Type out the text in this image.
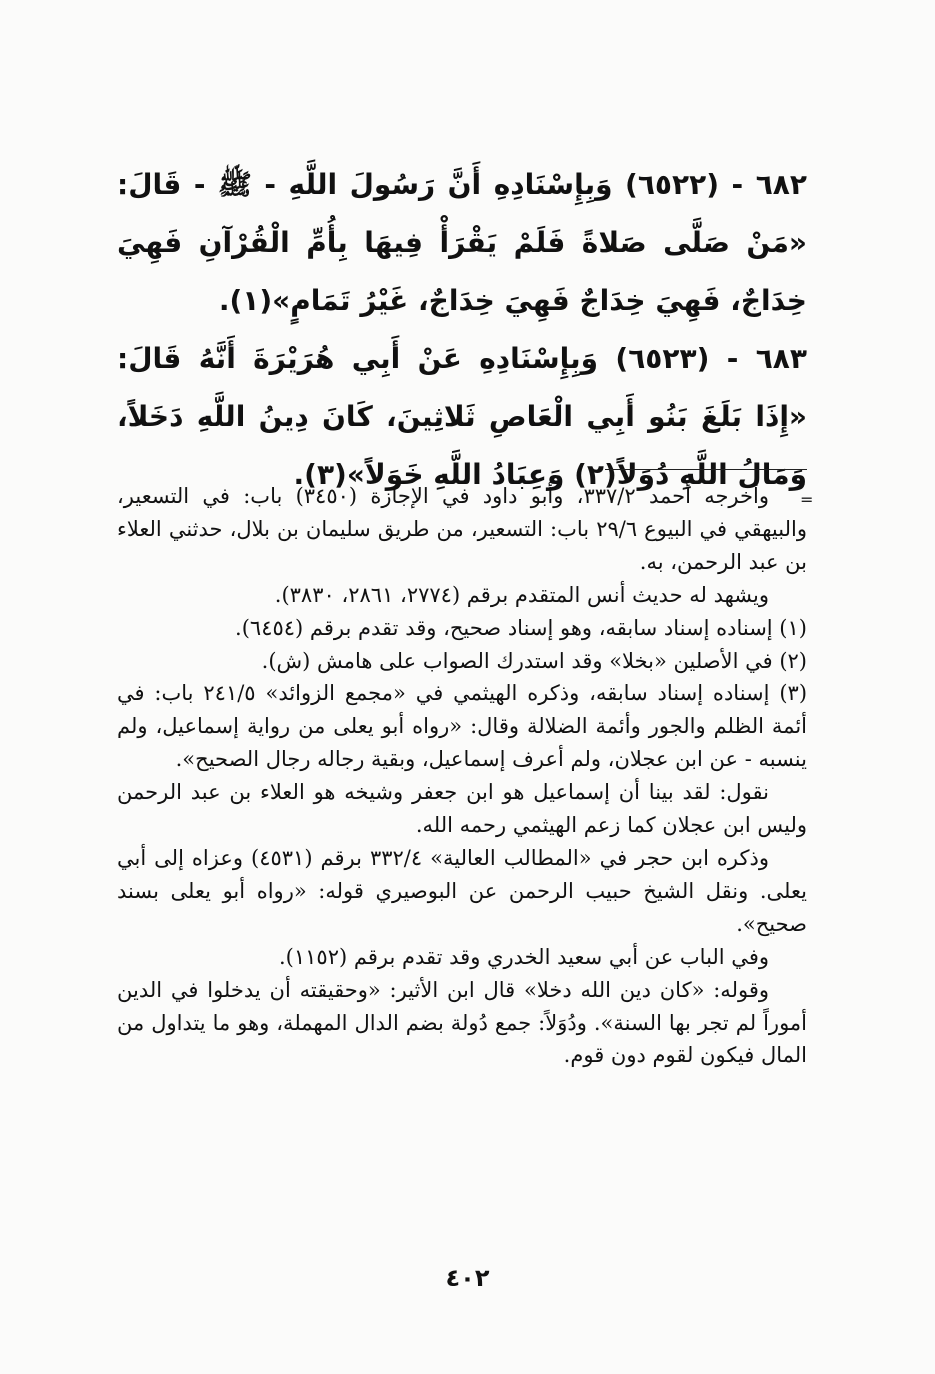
٦٨٢ - (٦٥٢٢) وَبِإِسْنَادِهِ أَنَّ رَسُولَ اللَّهِ - ﷺ - قَالَ: «مَنْ صَلَّى صَلاةً فَلَمْ يَقْرَأْ فِيهَا بِأُمِّ الْقُرْآنِ فَهِيَ خِدَاجٌ، فَهِيَ خِدَاجٌ فَهِيَ خِدَاجٌ، غَيْرُ تَمَامٍ»(١).

٦٨٣ - (٦٥٢٣) وَبِإِسْنَادِهِ عَنْ أَبِي هُرَيْرَةَ أَنَّهُ قَالَ: «إِذَا بَلَغَ بَنُو أَبِي الْعَاصِ ثَلاثِينَ، كَانَ دِينُ اللَّهِ دَخَلاً، وَمَالُ اللَّهِ دُوَلاً(٢) وَعِبَادُ اللَّهِ خَوَلاً»(٣).

=

وأخرجه أحمد ٣٣٧/٢، وأبو داود في الإجازة (٣٤٥٠) باب: في التسعير، والبيهقي في البيوع ٢٩/٦ باب: التسعير، من طريق سليمان بن بلال، حدثني العلاء بن عبد الرحمن، به.

ويشهد له حديث أنس المتقدم برقم (٢٧٧٤، ٢٨٦١، ٣٨٣٠).

(١) إسناده إسناد سابقه، وهو إسناد صحيح، وقد تقدم برقم (٦٤٥٤).

(٢) في الأصلين «بخلا» وقد استدرك الصواب على هامش (ش).

(٣) إسناده إسناد سابقه، وذكره الهيثمي في «مجمع الزوائد» ٢٤١/٥ باب: في أئمة الظلم والجور وأئمة الضلالة وقال: «رواه أبو يعلى من رواية إسماعيل، ولم ينسبه - عن ابن عجلان، ولم أعرف إسماعيل، وبقية رجاله رجال الصحيح».

نقول: لقد بينا أن إسماعيل هو ابن جعفر وشيخه هو العلاء بن عبد الرحمن وليس ابن عجلان كما زعم الهيثمي رحمه الله.

وذكره ابن حجر في «المطالب العالية» ٣٣٢/٤ برقم (٤٥٣١) وعزاه إلى أبي يعلى. ونقل الشيخ حبيب الرحمن عن البوصيري قوله: «رواه أبو يعلى بسند صحيح».

وفي الباب عن أبي سعيد الخدري وقد تقدم برقم (١١٥٢).

وقوله: «كان دين الله دخلا» قال ابن الأثير: «وحقيقته أن يدخلوا في الدين أموراً لم تجر بها السنة». ودُوَلاً: جمع دُولة بضم الدال المهملة، وهو ما يتداول من المال فيكون لقوم دون قوم.

٤٠٢
